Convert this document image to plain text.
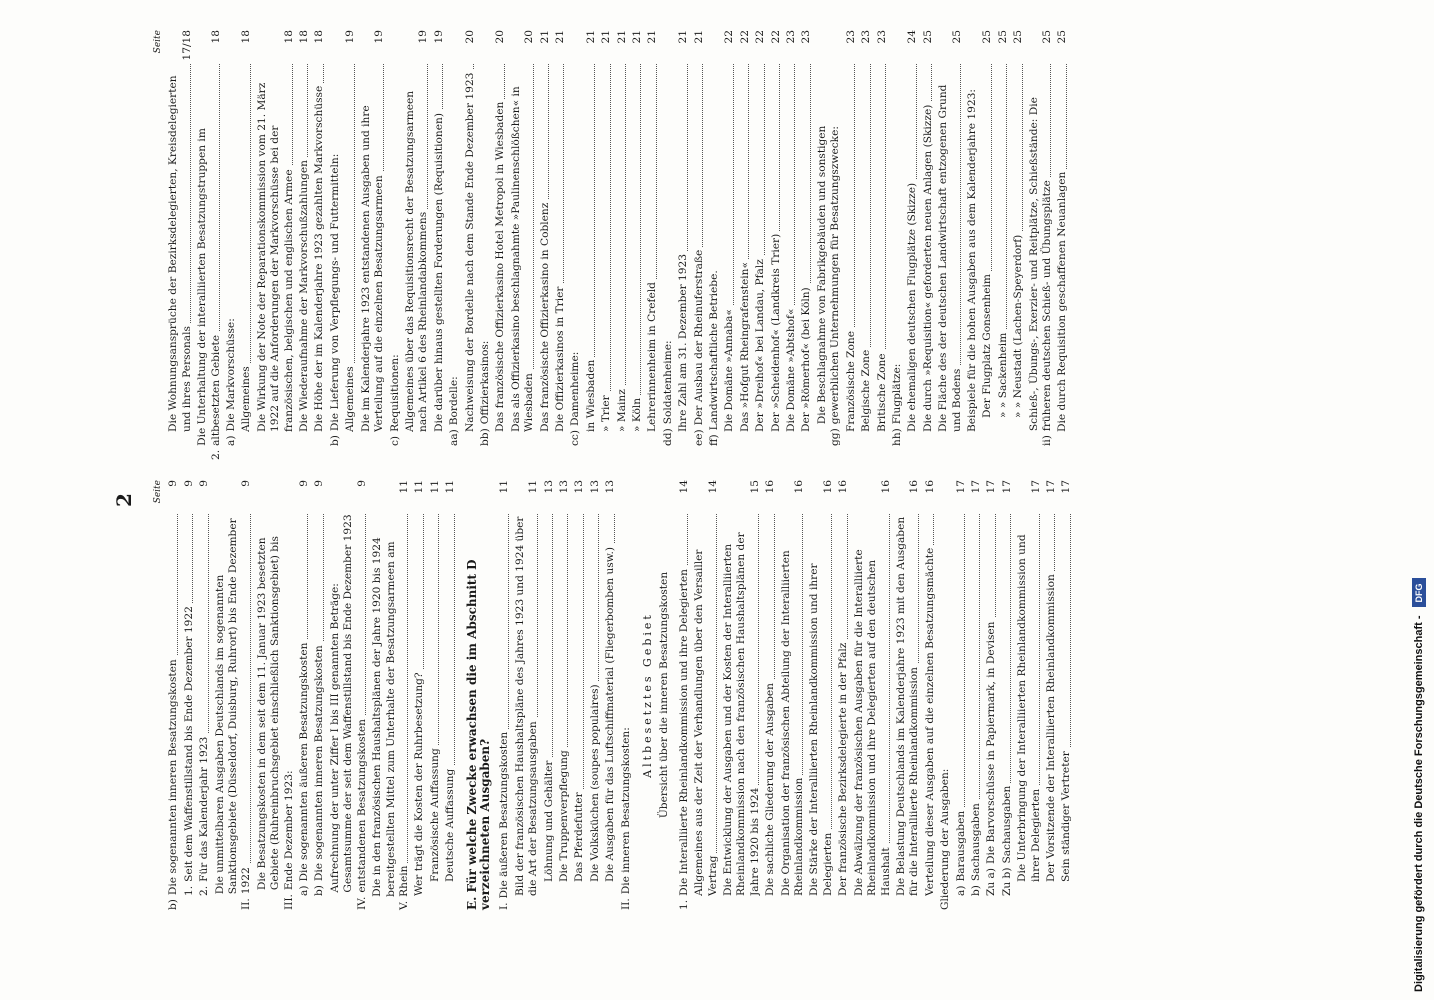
2	Seite
b)
Die sogenannten inneren Besatzungskosten
9
1.
Seit dem Waffenstillstand bis Ende Dezember 1922
9
2.
Für das Kalenderjahr 1923
9
II.
Die unmittelbaren Ausgaben Deutschlands im sogenannten Sanktionsgebiete (Düsseldorf, Duisburg, Ruhrort) bis Ende Dezember 1922
9
III.
Die Besatzungskosten in dem seit dem 11. Januar 1923 besetzten Gebiete (Ruhreinbruchsgebiet einschließlich Sanktionsgebiet) bis Ende Dezember 1923:
a)
Die sogenannten äußeren Besatzungskosten
9
b)
Die sogenannten inneren Besatzungskosten
9
IV.
Aufrechnung der unter Ziffer I bis III genannten Beträge: Gesamtsumme der seit dem Waffenstillstand bis Ende Dezember 1923 entstandenen Besatzungskosten
9
V.
Die in den französischen Haushaltsplänen der Jahre 1920 bis 1924 bereitgestellten Mittel zum Unterhalte der Besatzungsarmeen am Rhein
11
Wer trägt die Kosten der Ruhrbesetzung?
11
Französische Auffassung
11
Deutsche Auffassung
11
E. Für welche Zwecke erwachsen die im Abschnitt D verzeichneten Ausgaben? I.
Die äußeren Besatzungskosten
11
Bild der französischen Haushaltspläne des Jahres 1923 und 1924 über die Art der Besatzungsausgaben
11
Löhnung und Gehälter
13
Die Truppenverpflegung
13
Das Pferdefutter
13
Die Volksküchen (soupes populaires)
13
Die Ausgaben für das Luftschiffmaterial (Fliegerbomben usw.)
13
II.
Die inneren Besatzungskosten:
Altbesetztes Gebiet Übersicht über die inneren Besatzungskosten
1.
Die Interalliierte Rheinlandkommission und ihre Delegierten
14
Allgemeines aus der Zeit der Verhandlungen über den Versailler Vertrag
14
Die Entwicklung der Ausgaben und der Kosten der Interalliierten Rheinlandkommission nach den französischen Haushaltsplänen der Jahre 1920 bis 1924
15
Die sachliche Gliederung der Ausgaben
16
Die Organisation der französischen Abteilung der Interalliierten Rheinlandkommission
16
Die Stärke der Interalliierten Rheinlandkommission und ihrer Delegierten
16
Der französische Bezirksdelegierte in der Pfalz
16
Die Abwälzung der französischen Ausgaben für die Interalliierte Rheinlandkommission und ihre Delegierten auf den deutschen Haushalt
16
Die Belastung Deutschlands im Kalenderjahre 1923 mit den Ausgaben für die Interalliierte Rheinlandkommission
16
Verteilung dieser Ausgaben auf die einzelnen Besatzungsmächte
16
Gliederung der Ausgaben: a)
Barausgaben
17
b)
Sachausgaben
17
Zu a)
Die Barvorschüsse in Papiermark, in Devisen
17
Zu b)
Sachausgaben
17
Die Unterbringung der Interalliierten Rheinlandkommission und ihrer Delegierten
17
Der Vorsitzende der Interalliierten Rheinlandkommission
17
Sein ständiger Vertreter
17
Seite
Die Wohnungsansprüche der Bezirksdelegierten, Kreisdelegierten und ihres Personals
17/18
2.
Die Unterhaltung der interalliierten Besatzungstruppen im altbesetzten Gebiete
18
a)
Die Markvorschüsse: Allgemeines
18
Die Wirkung der Note der Reparationskommission vom 21. März 1922 auf die Anforderungen der Markvorschüsse bei der französischen, belgischen und englischen Armee
18
Die Wiederaufnahme der Markvorschußzahlungen
18
Die Höhe der im Kalenderjahre 1923 gezahlten Markvorschüsse
18
b)
Die Lieferung von Verpflegungs- und Futtermitteln: Allgemeines
19
Die im Kalenderjahre 1923 entstandenen Ausgaben und ihre Verteilung auf die einzelnen Besatzungsarmeen
19
c)
Requisitionen: Allgemeines über das Requisitionsrecht der Besatzungsarmeen nach Artikel 6 des Rheinlandabkommens
19
Die darüber hinaus gestellten Forderungen (Requisitionen)
19
aa)
Bordelle: Nachweisung der Bordelle nach dem Stande Ende Dezember 1923
20
bb)
Offizierkasinos: Das französische Offizierkasino Hotel Metropol in Wiesbaden
20
Das als Offizierkasino beschlagnahmte »Paulinenschlößchen« in Wiesbaden
20
Das französische Offizierkasino in Coblenz
21
Die Offizierkasinos in Trier
21
cc)
Damenheime: in Wiesbaden
21
» Trier
21
» Mainz
21
» Köln
21
Lehrerinnenheim in Crefeld
21
dd)
Soldatenheime: Ihre Zahl am 31. Dezember 1923
21
ee)
Der Ausbau der Rheinuferstraße
21
ff)
Landwirtschaftliche Betriebe. Die Domäne »Annaba«
22
Das »Hofgut Rheingrafenstein«
22
Der »Dreihof« bei Landau, Pfalz
22
Der »Scheidenhof« (Landkreis Trier)
22
Die Domäne »Abtshof«
23
Der »Römerhof« (bei Köln)
23
gg)
Die Beschlagnahme von Fabrikgebäuden und sonstigen gewerblichen Unternehmungen für Besatzungszwecke: Französische Zone
23
Belgische Zone
23
Britische Zone
23
hh)
Flugplätze: Die ehemaligen deutschen Flugplätze (Skizze)
24
Die durch »Requisition« geforderten neuen Anlagen (Skizze)
25
Die Fläche des der deutschen Landwirtschaft entzogenen Grund und Bodens
25
Beispiele für die hohen Ausgaben aus dem Kalenderjahre 1923: Der Flugplatz Gonsenheim
25
» » Sackenheim
25
» » Neustadt (Lachen-Speyerdorf)
25
ii)
Schieß-, Übungs-, Exerzier- und Reitplätze, Schießstände: Die früheren deutschen Schieß- und Übungsplätze
25
Die durch Requisition geschaffenen Neuanlagen
25
Digitalisierung gefördert durch die Deutsche Forschungsgemeinschaft -
DFG
